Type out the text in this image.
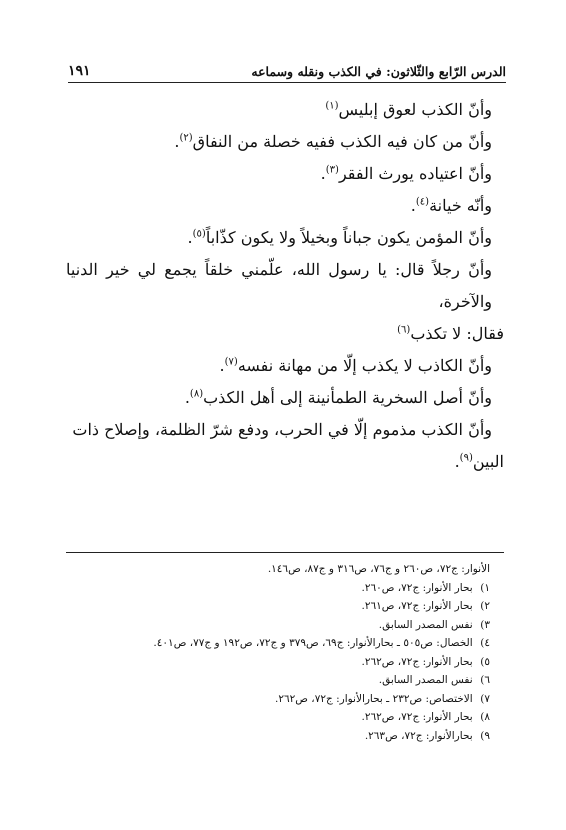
الدرس الرّابع والثّلاثون: في الكذب ونقله وسماعه
١٩١

وأنّ الكذب لعوق إبليس$^{(١)}$

وأنّ من كان فيه الكذب ففيه خصلة من النفاق$^{(٢)}$.

وأنّ اعتياده يورث الفقر$^{(٣)}$.

وأنّه خيانة$^{(٤)}$.

وأنّ المؤمن يكون جباناً وبخيلاً ولا يكون كذّاباً$^{(٥)}$.

وأنّ رجلاً قال: يا رسول الله، علّمني خلقاً يجمع لي خير الدنيا والآخرة،

فقال: لا تكذب$^{(٦)}$

وأنّ الكاذب لا يكذب إلّا من مهانة نفسه$^{(٧)}$.

وأنّ أصل السخرية الطمأنينة إلى أهل الكذب$^{(٨)}$.

وأنّ الكذب مذموم إلّا في الحرب، ودفع شرّ الظلمة، وإصلاح ذات

البين$^{(٩)}$.

الأنوار: ج٧٢، ص٢٦٠ و ج٧٦، ص٣١٦ و ج٨٧، ص١٤٦.

١) بحار الأنوار: ج٧٢، ص٢٦٠.

٢) بحار الأنوار: ج٧٢، ص٢٦١.

٣) نفس المصدر السابق.

٤) الخصال: ص٥٠٥ ـ بحارالأنوار: ج٦٩، ص٣٧٩ و ج٧٢، ص١٩٢ و ج٧٧، ص٤٠١.

٥) بحار الأنوار: ج٧٢، ص٢٦٢.

٦) نفس المصدر السابق.

٧) الاختصاص: ص٢٣٢ ـ بحارالأنوار: ج٧٢، ص٢٦٢.

٨) بحار الأنوار: ج٧٢، ص٢٦٢.

٩) بحارالأنوار: ج٧٢، ص٢٦٣.
